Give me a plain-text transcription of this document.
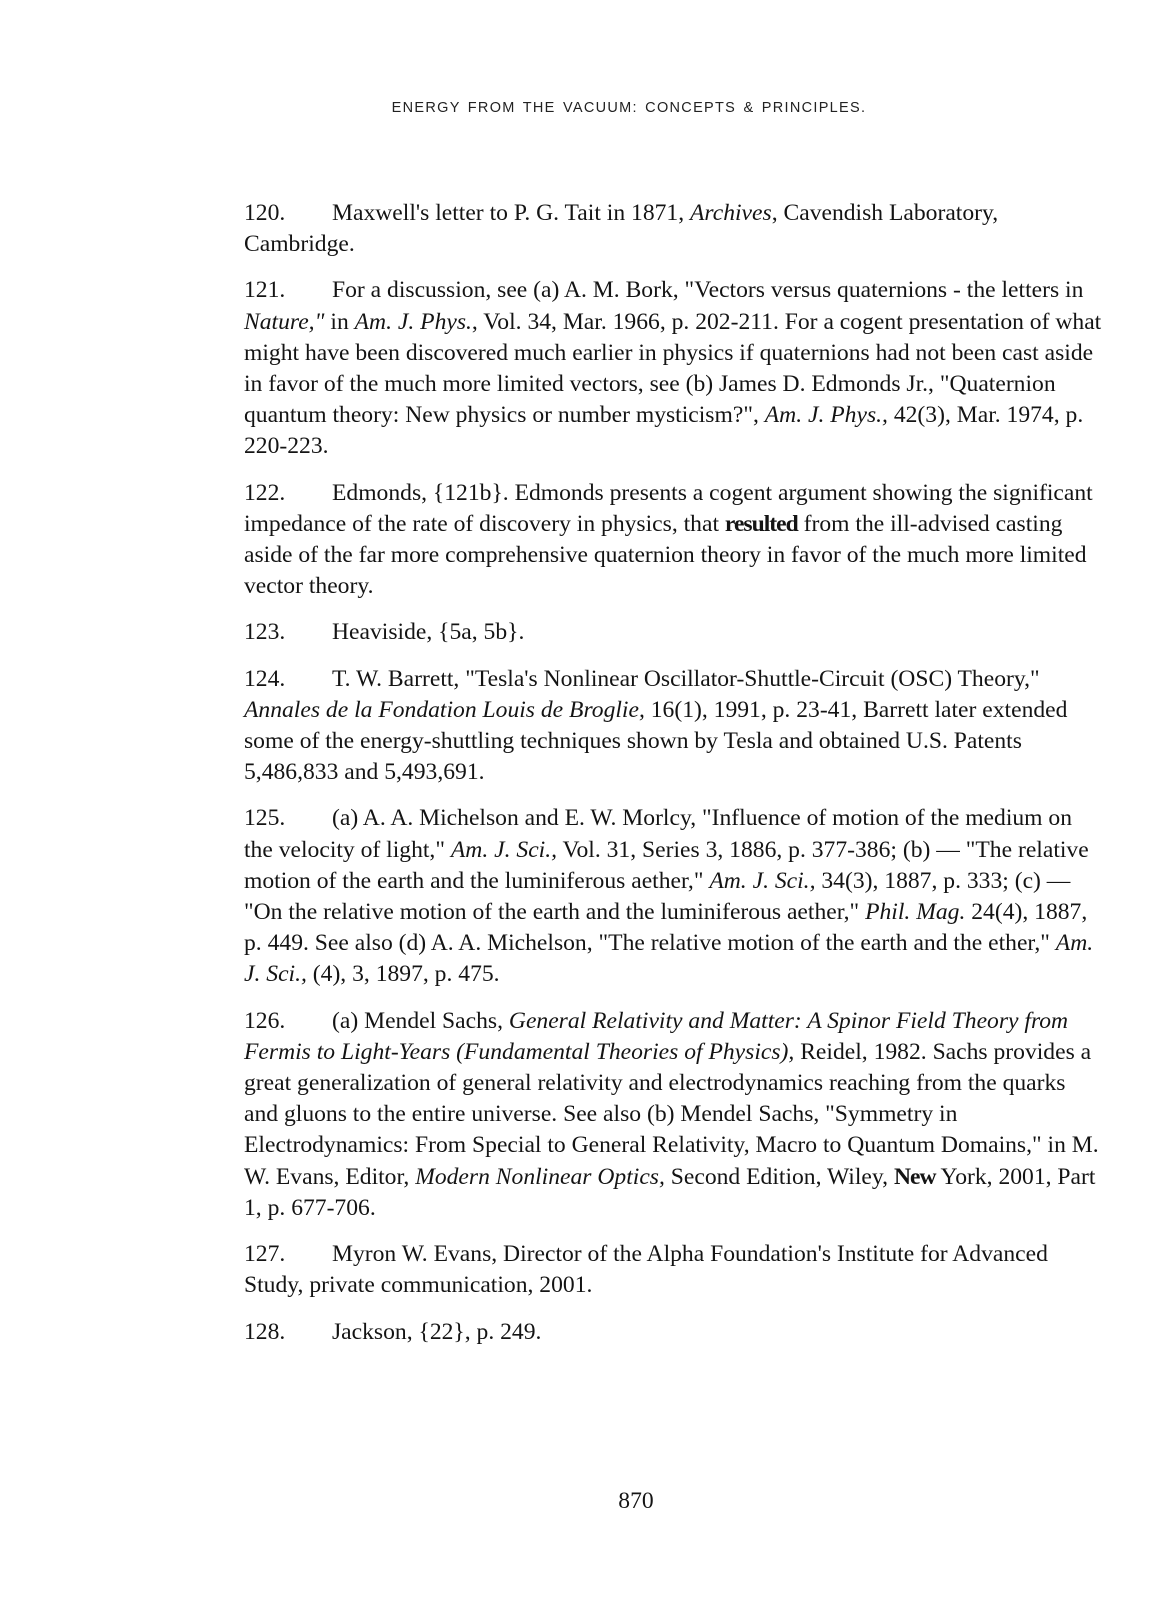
ENERGY FROM THE VACUUM: CONCEPTS & PRINCIPLES.

120. Maxwell's letter to P. G. Tait in 1871, Archives, Cavendish Laboratory, Cambridge.

121. For a discussion, see (a) A. M. Bork, "Vectors versus quaternions - the letters in Nature," in Am. J. Phys., Vol. 34, Mar. 1966, p. 202-211. For a cogent presentation of what might have been discovered much earlier in physics if quaternions had not been cast aside in favor of the much more limited vectors, see (b) James D. Edmonds Jr., "Quaternion quantum theory: New physics or number mysticism?", Am. J. Phys., 42(3), Mar. 1974, p. 220-223.

122. Edmonds, {121b}. Edmonds presents a cogent argument showing the significant impedance of the rate of discovery in physics, that resulted from the ill-advised casting aside of the far more comprehensive quaternion theory in favor of the much more limited vector theory.

123. Heaviside, {5a, 5b}.

124. T. W. Barrett, "Tesla's Nonlinear Oscillator-Shuttle-Circuit (OSC) Theory," Annales de la Fondation Louis de Broglie, 16(1), 1991, p. 23-41, Barrett later extended some of the energy-shuttling techniques shown by Tesla and obtained U.S. Patents 5,486,833 and 5,493,691.

125. (a) A. A. Michelson and E. W. Morlcy, "Influence of motion of the medium on the velocity of light," Am. J. Sci., Vol. 31, Series 3, 1886, p. 377-386; (b) — "The relative motion of the earth and the luminiferous aether," Am. J. Sci., 34(3), 1887, p. 333; (c) — "On the relative motion of the earth and the luminiferous aether," Phil. Mag. 24(4), 1887, p. 449. See also (d) A. A. Michelson, "The relative motion of the earth and the ether," Am. J. Sci., (4), 3, 1897, p. 475.

126. (a) Mendel Sachs, General Relativity and Matter: A Spinor Field Theory from Fermis to Light-Years (Fundamental Theories of Physics), Reidel, 1982. Sachs provides a great generalization of general relativity and electrodynamics reaching from the quarks and gluons to the entire universe. See also (b) Mendel Sachs, "Symmetry in Electrodynamics: From Special to General Relativity, Macro to Quantum Domains," in M. W. Evans, Editor, Modern Nonlinear Optics, Second Edition, Wiley, New York, 2001, Part 1, p. 677-706.

127. Myron W. Evans, Director of the Alpha Foundation's Institute for Advanced Study, private communication, 2001.

128. Jackson, {22}, p. 249.

870
